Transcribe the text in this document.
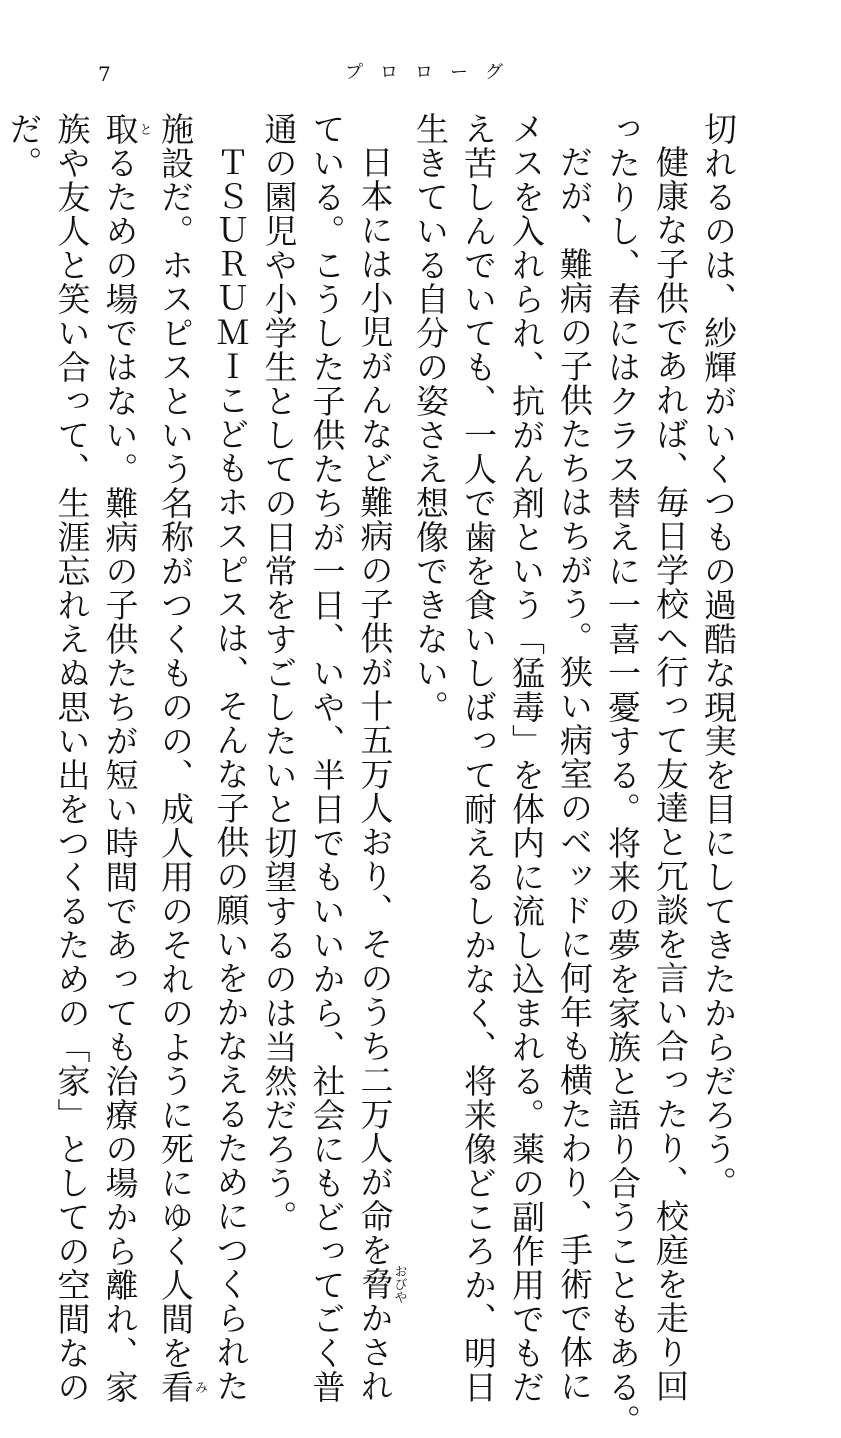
7	プロローグ
切れるのは、紗輝がいくつもの過酷な現実を目にしてきたからだろう。
健康な子供であれば、毎日学校へ行って友達と冗談を言い合ったり、校庭を走り回
ったりし、春にはクラス替えに一喜一憂する。将来の夢を家族と語り合うこともある。
だが、難病の子供たちはちがう。狭い病室のベッドに何年も横たわり、手術で体に
メスを入れられ、抗がん剤という「猛毒」を体内に流し込まれる。薬の副作用でもだ
え苦しんでいても、一人で歯を食いしばって耐えるしかなく、将来像どころか、明日
生きている自分の姿さえ想像できない。
日本には小児がんなど難病の子供が十五万人おり、そのうち二万人が命を脅おびやかされ
ている。こうした子供たちが一日、いや、半日でもいいから、社会にもどってごく普
通の園児や小学生としての日常をすごしたいと切望するのは当然だろう。
ＴＳＵＲＵＭＩこどもホスピスは、そんな子供の願いをかなえるためにつくられた
施設だ。ホスピスという名称がつくものの、成人用のそれのように死にゆく人間を看み
取とるための場ではない。難病の子供たちが短い時間であっても治療の場から離れ、家
族や友人と笑い合って、生涯忘れえぬ思い出をつくるための「家」としての空間なの
だ。
